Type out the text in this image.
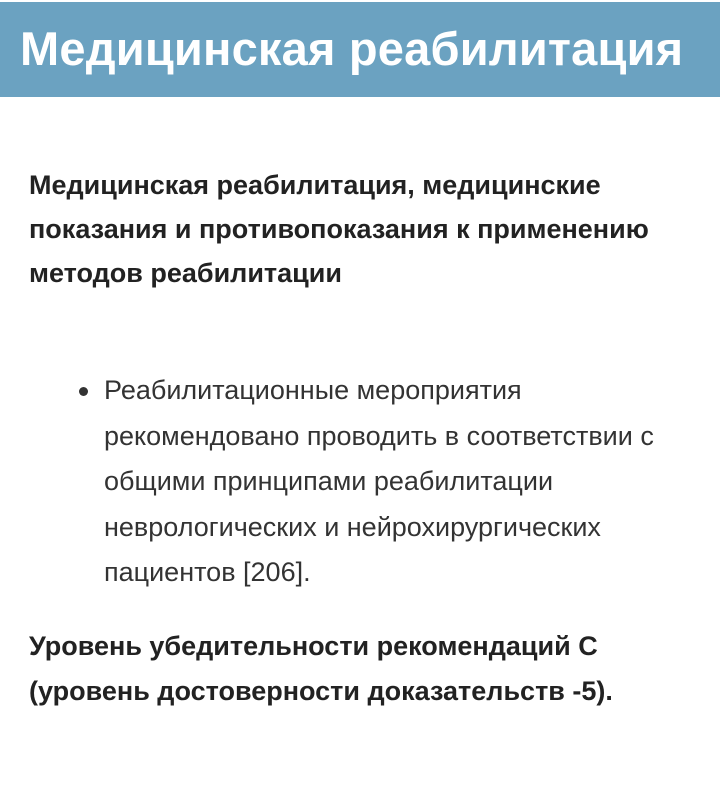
Медицинская реабилитация
Медицинская реабилитация, медицинские показания и противопоказания к применению методов реабилитации
Реабилитационные мероприятия рекомендовано проводить в соответствии с общими принципами реабилитации неврологических и нейрохирургических пациентов [206].
Уровень убедительности рекомендаций C (уровень достоверности доказательств -5).
